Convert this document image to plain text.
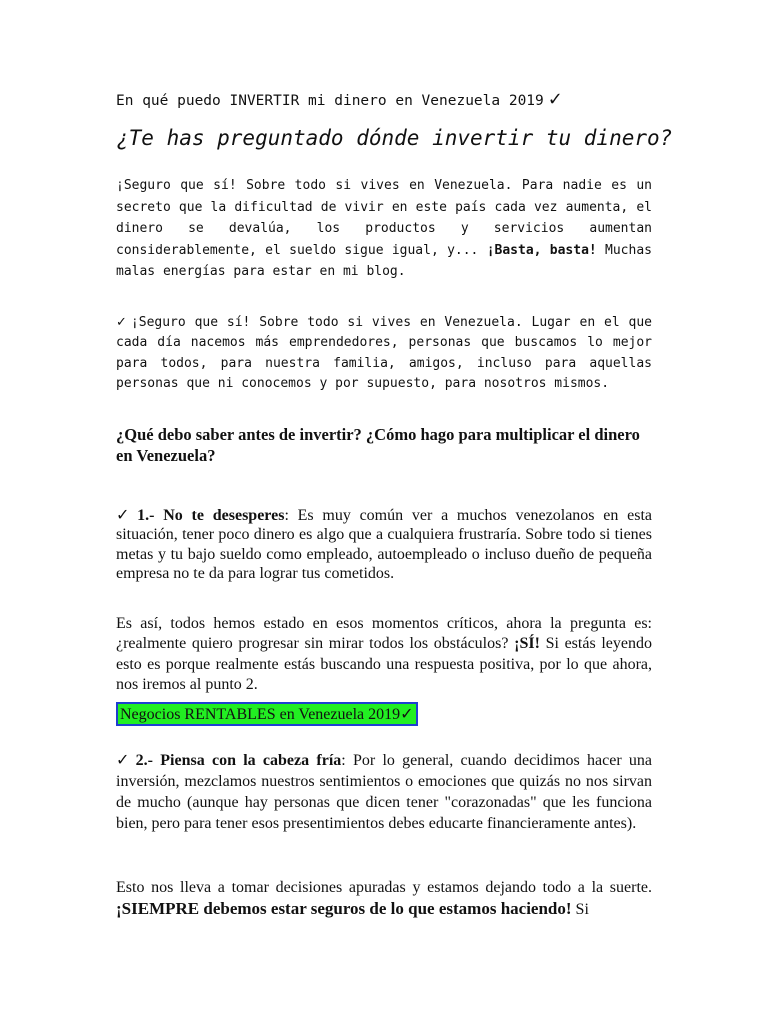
En qué puedo INVERTIR mi dinero en Venezuela 2019 ✓
¿Te has preguntado dónde invertir tu dinero?
¡Seguro que sí! Sobre todo si vives en Venezuela. Para nadie es un secreto que la dificultad de vivir en este país cada vez aumenta, el dinero se devalúa, los productos y servicios aumentan considerablemente, el sueldo sigue igual, y... ¡Basta, basta! Muchas malas energías para estar en mi blog.
✓ ¡Seguro que sí! Sobre todo si vives en Venezuela. Lugar en el que cada día nacemos más emprendedores, personas que buscamos lo mejor para todos, para nuestra familia, amigos, incluso para aquellas personas que ni conocemos y por supuesto, para nosotros mismos.
¿Qué debo saber antes de invertir? ¿Cómo hago para multiplicar el dinero en Venezuela?
✓ 1.- No te desesperes: Es muy común ver a muchos venezolanos en esta situación, tener poco dinero es algo que a cualquiera frustraría. Sobre todo si tienes metas y tu bajo sueldo como empleado, autoempleado o incluso dueño de pequeña empresa no te da para lograr tus cometidos.
Es así, todos hemos estado en esos momentos críticos, ahora la pregunta es: ¿realmente quiero progresar sin mirar todos los obstáculos? ¡SÍ! Si estás leyendo esto es porque realmente estás buscando una respuesta positiva, por lo que ahora, nos iremos al punto 2.
Negocios RENTABLES en Venezuela 2019✓
✓ 2.- Piensa con la cabeza fría: Por lo general, cuando decidimos hacer una inversión, mezclamos nuestros sentimientos o emociones que quizás no nos sirvan de mucho (aunque hay personas que dicen tener "corazonadas" que les funciona bien, pero para tener esos presentimientos debes educarte financieramente antes).
Esto nos lleva a tomar decisiones apuradas y estamos dejando todo a la suerte. ¡SIEMPRE debemos estar seguros de lo que estamos haciendo! Si
